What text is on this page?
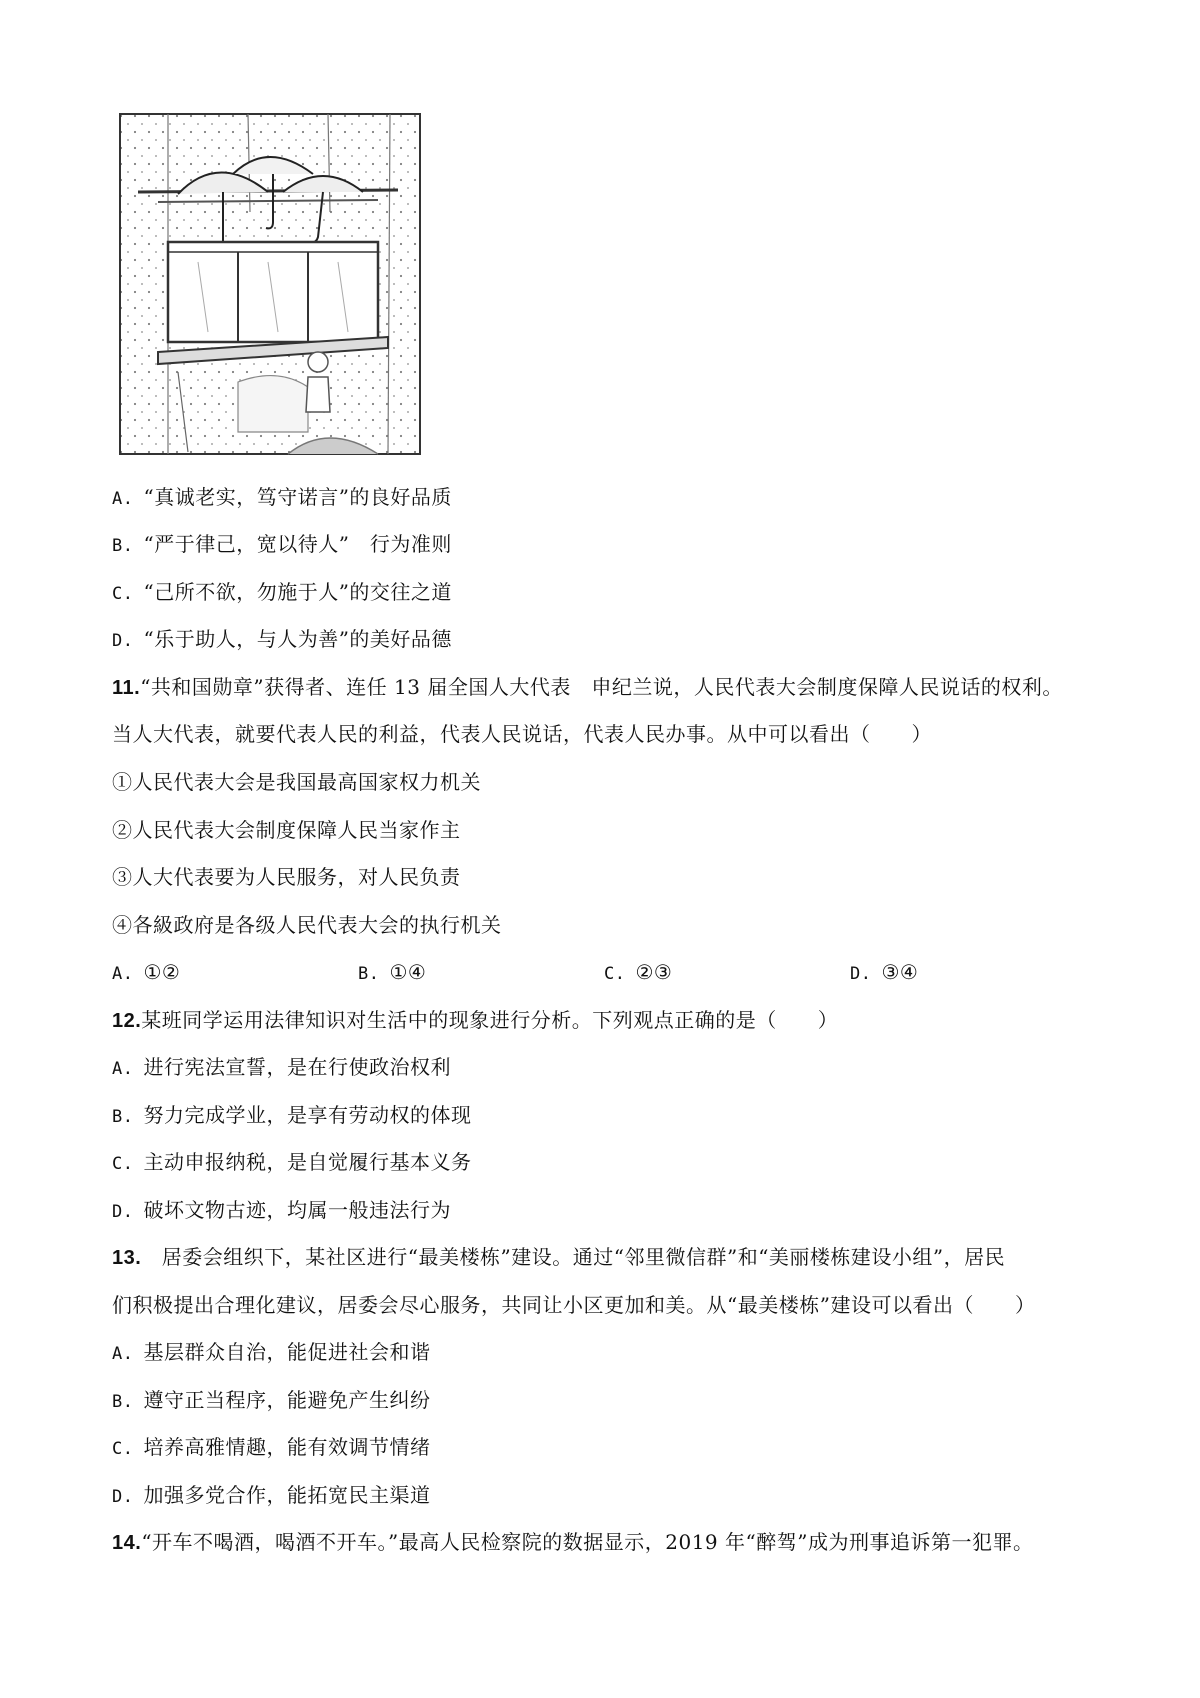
A. “真诚老实，笃守诺言”的良好品质
B. “严于律己，宽以待人”　行为准则
C. “己所不欲，勿施于人”的交往之道
D. “乐于助人，与人为善”的美好品德
11.“共和国勋章”获得者、连任 13 届全国人大代表　申纪兰说，人民代表大会制度保障人民说话的权利。
当人大代表，就要代表人民的利益，代表人民说话，代表人民办事。从中可以看出（　　）
①人民代表大会是我国最高国家权力机关
②人民代表大会制度保障人民当家作主
③人大代表要为人民服务，对人民负责
④各級政府是各级人民代表大会的执行机关
A. ①②	B. ①④	C. ②③	D. ③④
12.某班同学运用法律知识对生活中的现象进行分析。下列观点正确的是（　　）
A. 进行宪法宣誓，是在行使政治权利
B. 努力完成学业，是享有劳动权的体现
C. 主动申报纳税，是自觉履行基本义务
D. 破坏文物古迹，均属一般违法行为
13.　居委会组织下，某社区进行“最美楼栋”建设。通过“邻里微信群”和“美丽楼栋建设小组”，居民
们积极提出合理化建议，居委会尽心服务，共同让小区更加和美。从“最美楼栋”建设可以看出（　　）
A. 基层群众自治，能促进社会和谐
B. 遵守正当程序，能避免产生纠纷
C. 培养高雅情趣，能有效调节情绪
D. 加强多党合作，能拓宽民主渠道
14.“开车不喝酒，喝酒不开车。”最高人民检察院的数据显示，2019 年“醉驾”成为刑事追诉第一犯罪。
